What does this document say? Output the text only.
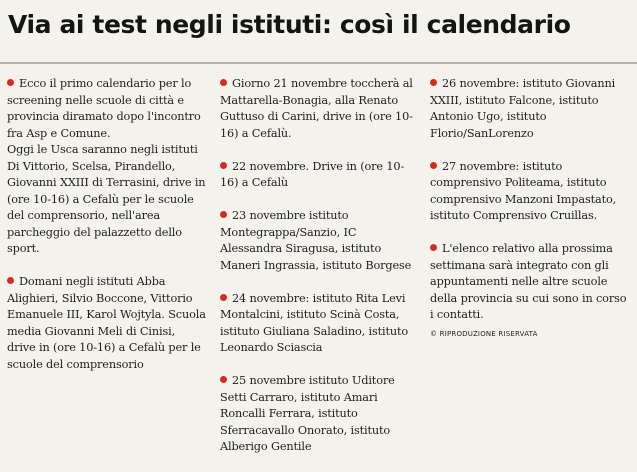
Via ai test negli istituti: così il calendario

Ecco il primo calendario per lo screening nelle scuole di città e provincia diramato dopo l'incontro fra Asp e Comune.

Oggi le Usca saranno negli istituti Di Vittorio, Scelsa, Pirandello, Giovanni XXIII di Terrasini, drive in (ore 10-16) a Cefalù per le scuole del comprensorio, nell'area parcheggio del palazzetto dello sport.

Domani negli istituti Abba Alighieri, Silvio Boccone, Vittorio Emanuele III, Karol Wojtyla. Scuola media Giovanni Meli di Cinisi, drive in (ore 10-16) a Cefalù per le scuole del comprensorio

Giorno 21 novembre toccherà al Mattarella-Bonagia, alla Renato Guttuso di Carini, drive in (ore 10-16) a Cefalù.

22 novembre. Drive in (ore 10-16) a Cefalù

23 novembre istituto Montegrappa/Sanzio, IC Alessandra Siragusa, istituto Maneri Ingrassia, istituto Borgese

24 novembre: istituto Rita Levi Montalcini, istituto Scinà Costa, istituto Giuliana Saladino, istituto Leonardo Sciascia

25 novembre istituto Uditore Setti Carraro, istituto Amari Roncalli Ferrara, istituto Sferracavallo Onorato, istituto Alberigo Gentile

26 novembre: istituto Giovanni XXIII, istituto Falcone, istituto Antonio Ugo, istituto Florio/SanLorenzo

27 novembre: istituto comprensivo Politeama, istituto comprensivo Manzoni Impastato, istituto Comprensivo Cruillas.

L'elenco relativo alla prossima settimana sarà integrato con gli appuntamenti nelle altre scuole della provincia su cui sono in corso i contatti.

© RIPRODUZIONE RISERVATA
